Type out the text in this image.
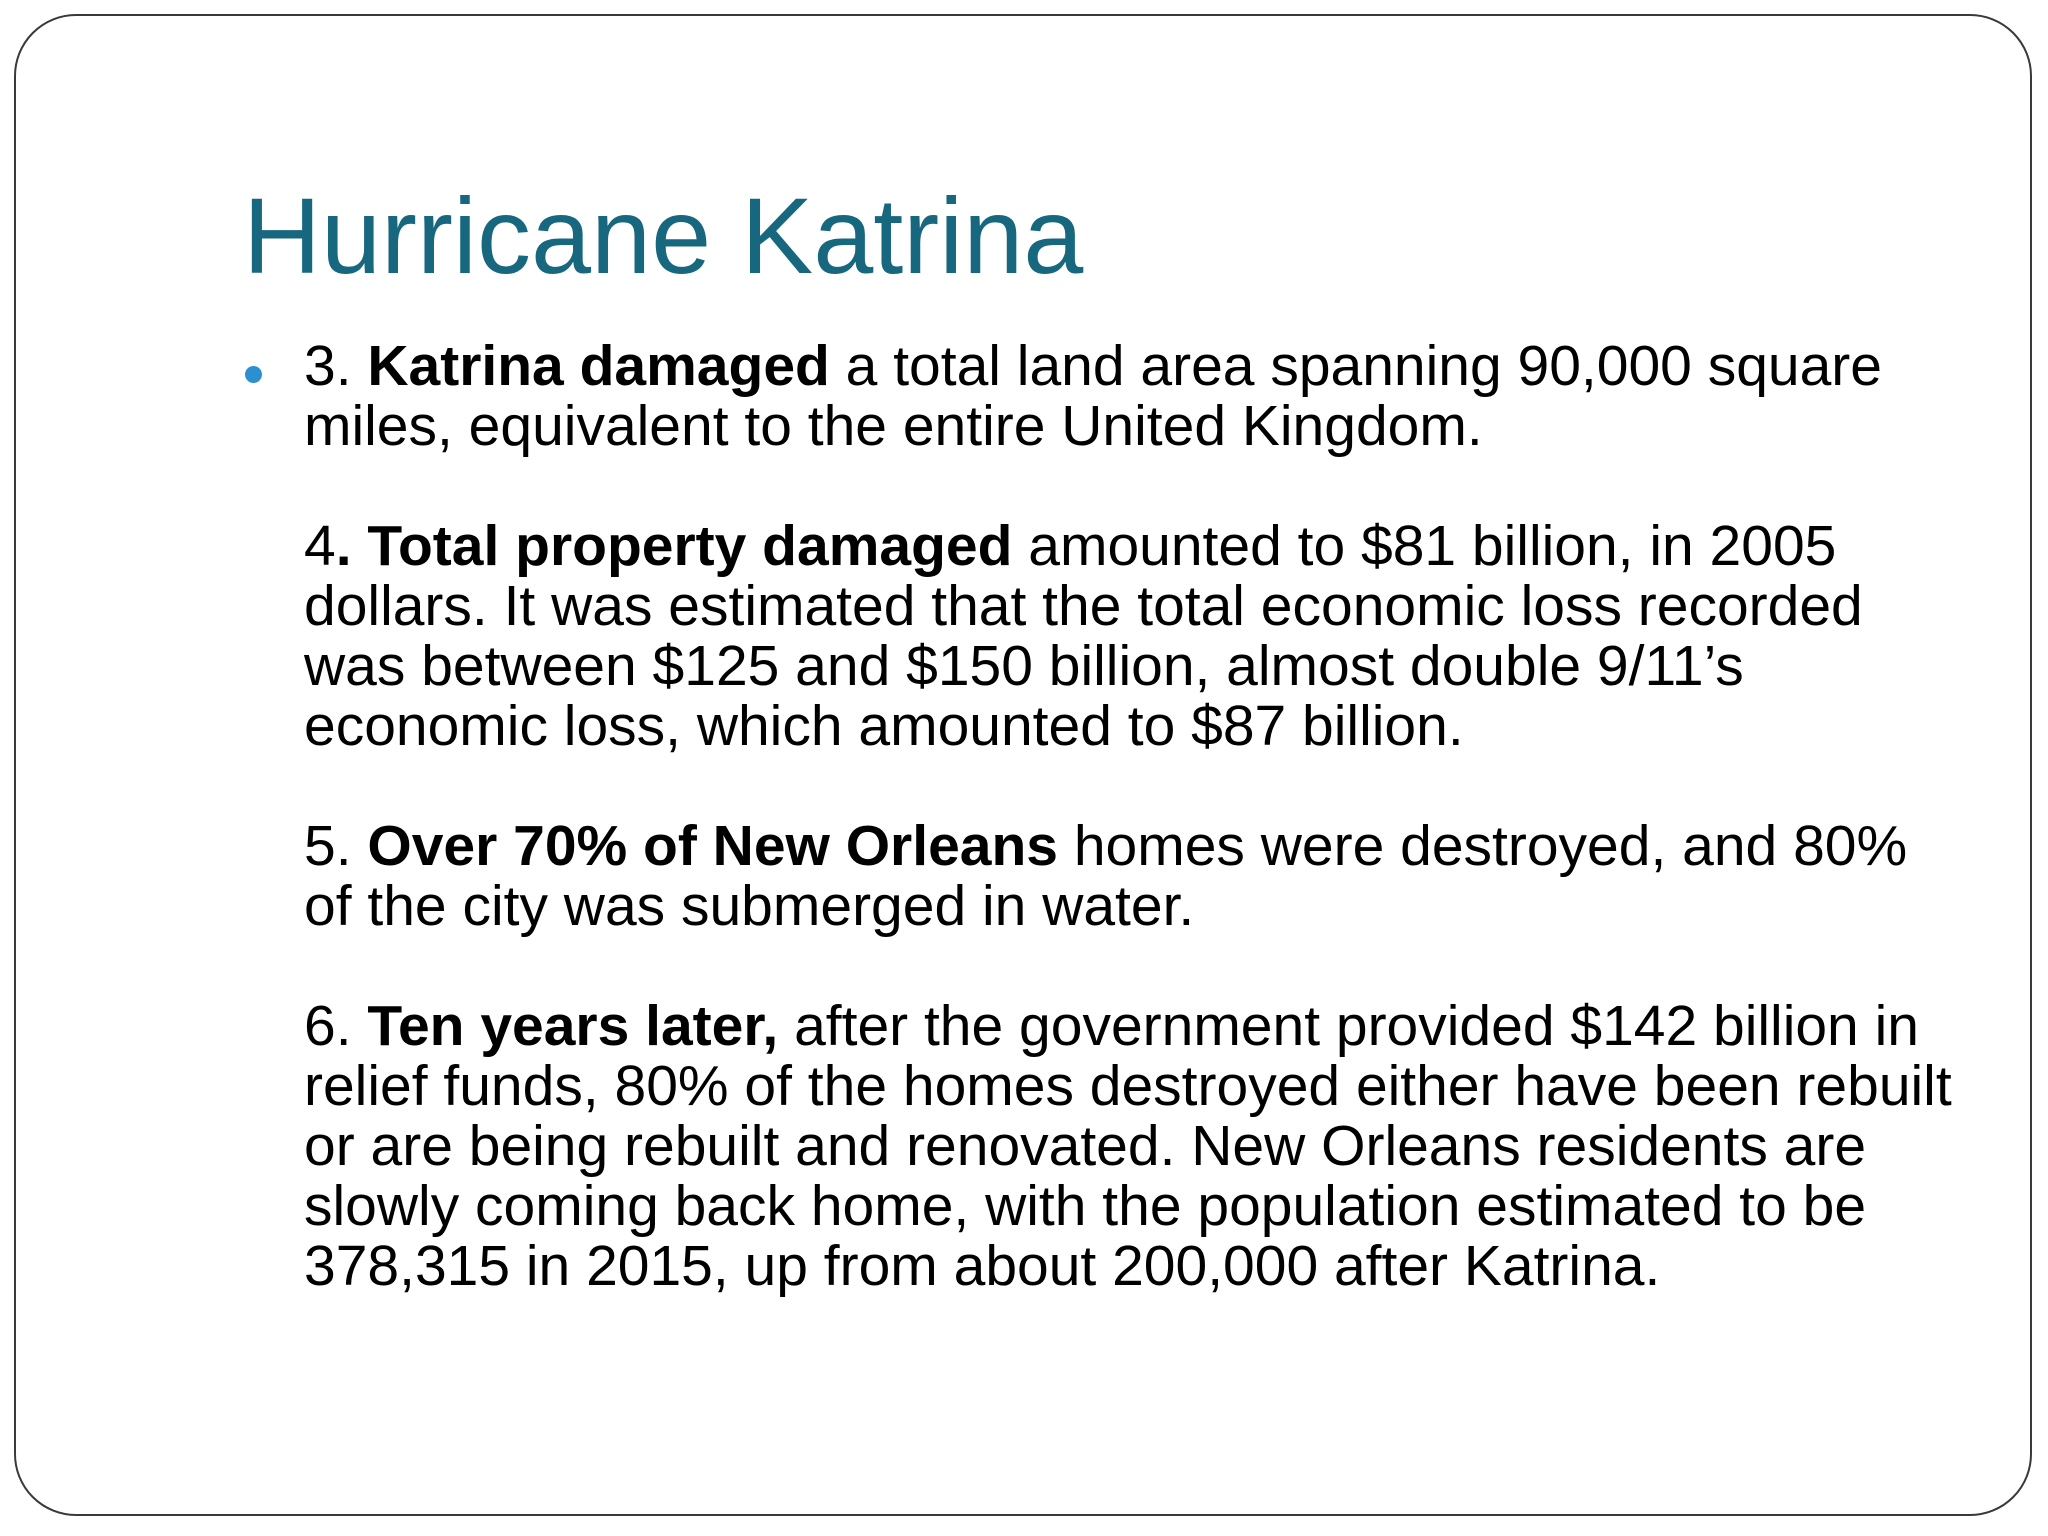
Hurricane Katrina

3. Katrina damaged a total land area spanning 90,000 square miles, equivalent to the entire United Kingdom.

4. Total property damaged amounted to $81 billion, in 2005 dollars. It was estimated that the total economic loss recorded was between $125 and $150 billion, almost double 9/11’s economic loss, which amounted to $87 billion.

5. Over 70% of New Orleans homes were destroyed, and 80% of the city was submerged in water.

6. Ten years later, after the government provided $142 billion in relief funds, 80% of the homes destroyed either have been rebuilt or are being rebuilt and renovated. New Orleans residents are slowly coming back home, with the population estimated to be 378,315 in 2015, up from about 200,000 after Katrina.
